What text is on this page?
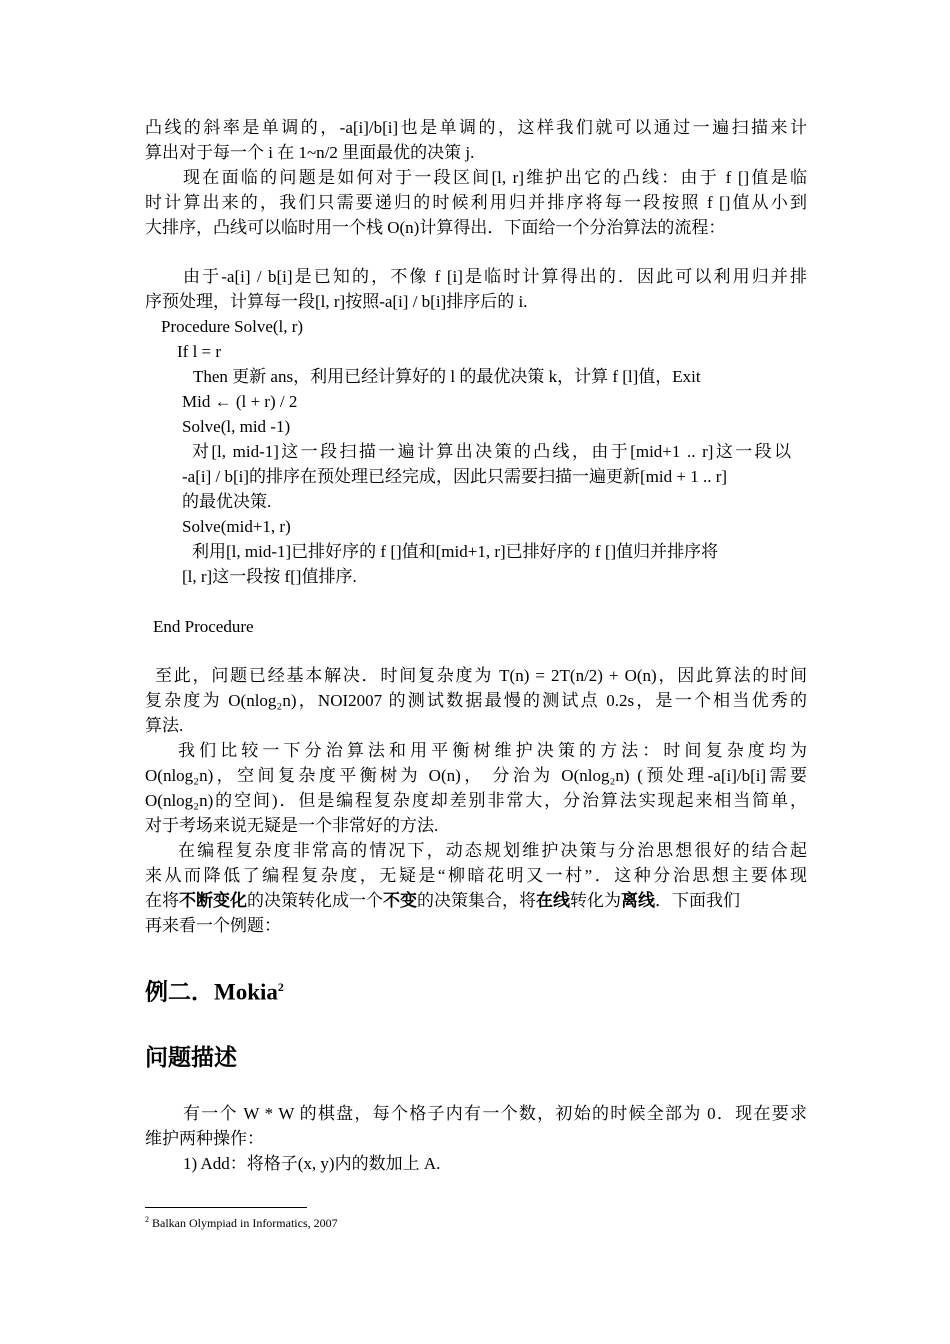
凸线的斜率是单调的，-a[i]/b[i]也是单调的，这样我们就可以通过一遍扫描来计

算出对于每一个 i 在 1~n/2 里面最优的决策 j.

现在面临的问题是如何对于一段区间[l, r]维护出它的凸线：由于 f []值是临

时计算出来的，我们只需要递归的时候利用归并排序将每一段按照 f []值从小到

大排序，凸线可以临时用一个栈 O(n)计算得出．下面给一个分治算法的流程：

由于-a[i] / b[i]是已知的，不像 f [i]是临时计算得出的．因此可以利用归并排

序预处理，计算每一段[l, r]按照-a[i] / b[i]排序后的 i.

Procedure Solve(l, r)

If l = r

Then 更新 ans，利用已经计算好的 l 的最优决策 k，计算 f [l]值，Exit

Mid ← (l + r) / 2

Solve(l, mid -1)

对[l, mid-1]这一段扫描一遍计算出决策的凸线，由于[mid+1 .. r]这一段以

-a[i] / b[i]的排序在预处理已经完成，因此只需要扫描一遍更新[mid + 1 .. r]

的最优决策.

Solve(mid+1, r)

利用[l, mid-1]已排好序的 f []值和[mid+1, r]已排好序的 f []值归并排序将

[l, r]这一段按 f[]值排序.

End Procedure

至此，问题已经基本解决．时间复杂度为 T(n) = 2T(n/2) + O(n)，因此算法的时间

复杂度为 O(nlog₂n)，NOI2007 的测试数据最慢的测试点 0.2s，是一个相当优秀的

算法.

我们比较一下分治算法和用平衡树维护决策的方法：时间复杂度均为

O(nlog₂n)，空间复杂度平衡树为 O(n)， 分治为 O(nlog₂n) (预处理-a[i]/b[i]需要

O(nlog₂n)的空间)．但是编程复杂度却差别非常大，分治算法实现起来相当简单，

对于考场来说无疑是一个非常好的方法.

在编程复杂度非常高的情况下，动态规划维护决策与分治思想很好的结合起

来从而降低了编程复杂度，无疑是“柳暗花明又一村”．这种分治思想主要体现

在将不断变化的决策转化成一个不变的决策集合，将在线转化为离线．下面我们

再来看一个例题：

例二．Mokia$^2$

问题描述

有一个 W * W 的棋盘，每个格子内有一个数，初始的时候全部为 0．现在要求

维护两种操作：

1) Add：将格子(x, y)内的数加上 A.

$^2$ Balkan Olympiad in Informatics, 2007
